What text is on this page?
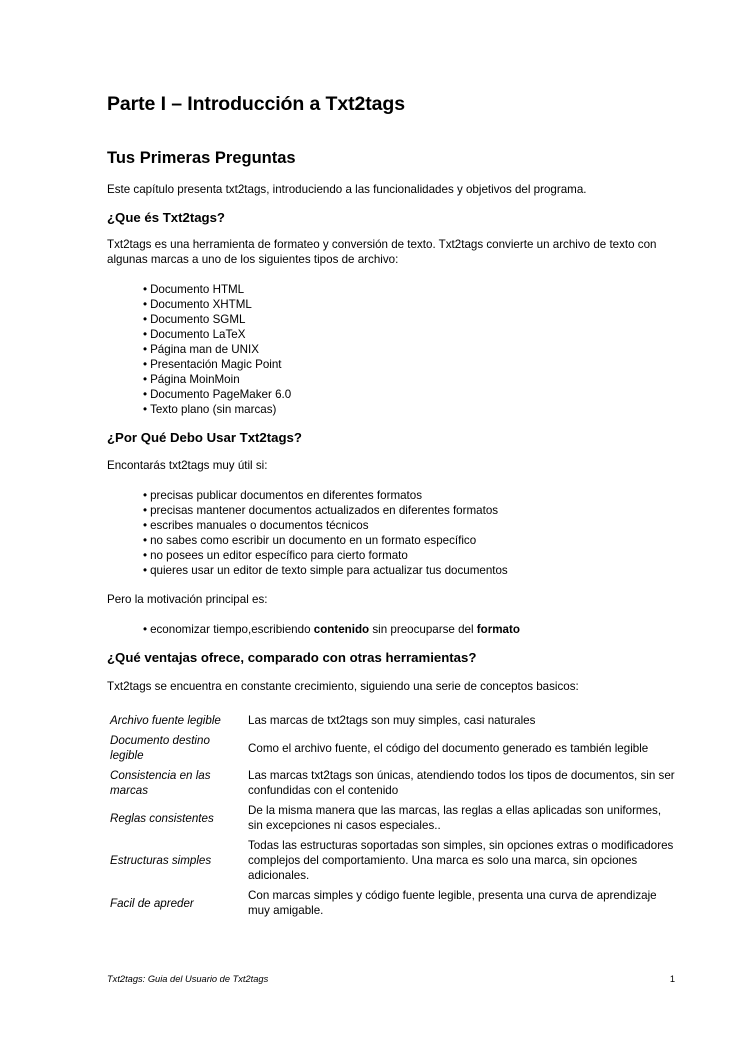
Parte I – Introducción a Txt2tags
Tus Primeras Preguntas

Este capítulo presenta txt2tags, introduciendo a las funcionalidades y objetivos del programa.

¿Que és Txt2tags?

Txt2tags es una herramienta de formateo y conversión de texto. Txt2tags convierte un archivo de texto con algunas marcas a uno de los siguientes tipos de archivo:

• Documento HTML
• Documento XHTML
• Documento SGML
• Documento LaTeX
• Página man de UNIX
• Presentación Magic Point
• Página MoinMoin
• Documento PageMaker 6.0
• Texto plano (sin marcas)
¿Por Qué Debo Usar Txt2tags?

Encontarás txt2tags muy útil si:

• precisas publicar documentos en diferentes formatos
• precisas mantener documentos actualizados en diferentes formatos
• escribes manuales o documentos técnicos
• no sabes como escribir un documento en un formato específico
• no posees un editor específico para cierto formato
• quieres usar un editor de texto simple para actualizar tus documentos

Pero la motivación principal es:

• economizar tiempo,escribiendo contenido sin preocuparse del formato
¿Qué ventajas ofrece, comparado con otras herramientas?

Txt2tags se encuentra en constante crecimiento, siguiendo una serie de conceptos basicos:

Archivo fuente legible	Las marcas de txt2tags son muy simples, casi naturales
Documento destino legible	Como el archivo fuente, el código del documento generado es también legible
Consistencia en las marcas	Las marcas txt2tags son únicas, atendiendo todos los tipos de documentos, sin ser confundidas con el contenido
Reglas consistentes	De la misma manera que las marcas, las reglas a ellas aplicadas son uniformes, sin excepciones ni casos especiales..
Estructuras simples	Todas las estructuras soportadas son simples, sin opciones extras o modificadores complejos del comportamiento. Una marca es solo una marca, sin opciones adicionales.
Facil de apreder	Con marcas simples y código fuente legible, presenta una curva de aprendizaje muy amigable.
Txt2tags: Guia del Usuario de Txt2tags	1
